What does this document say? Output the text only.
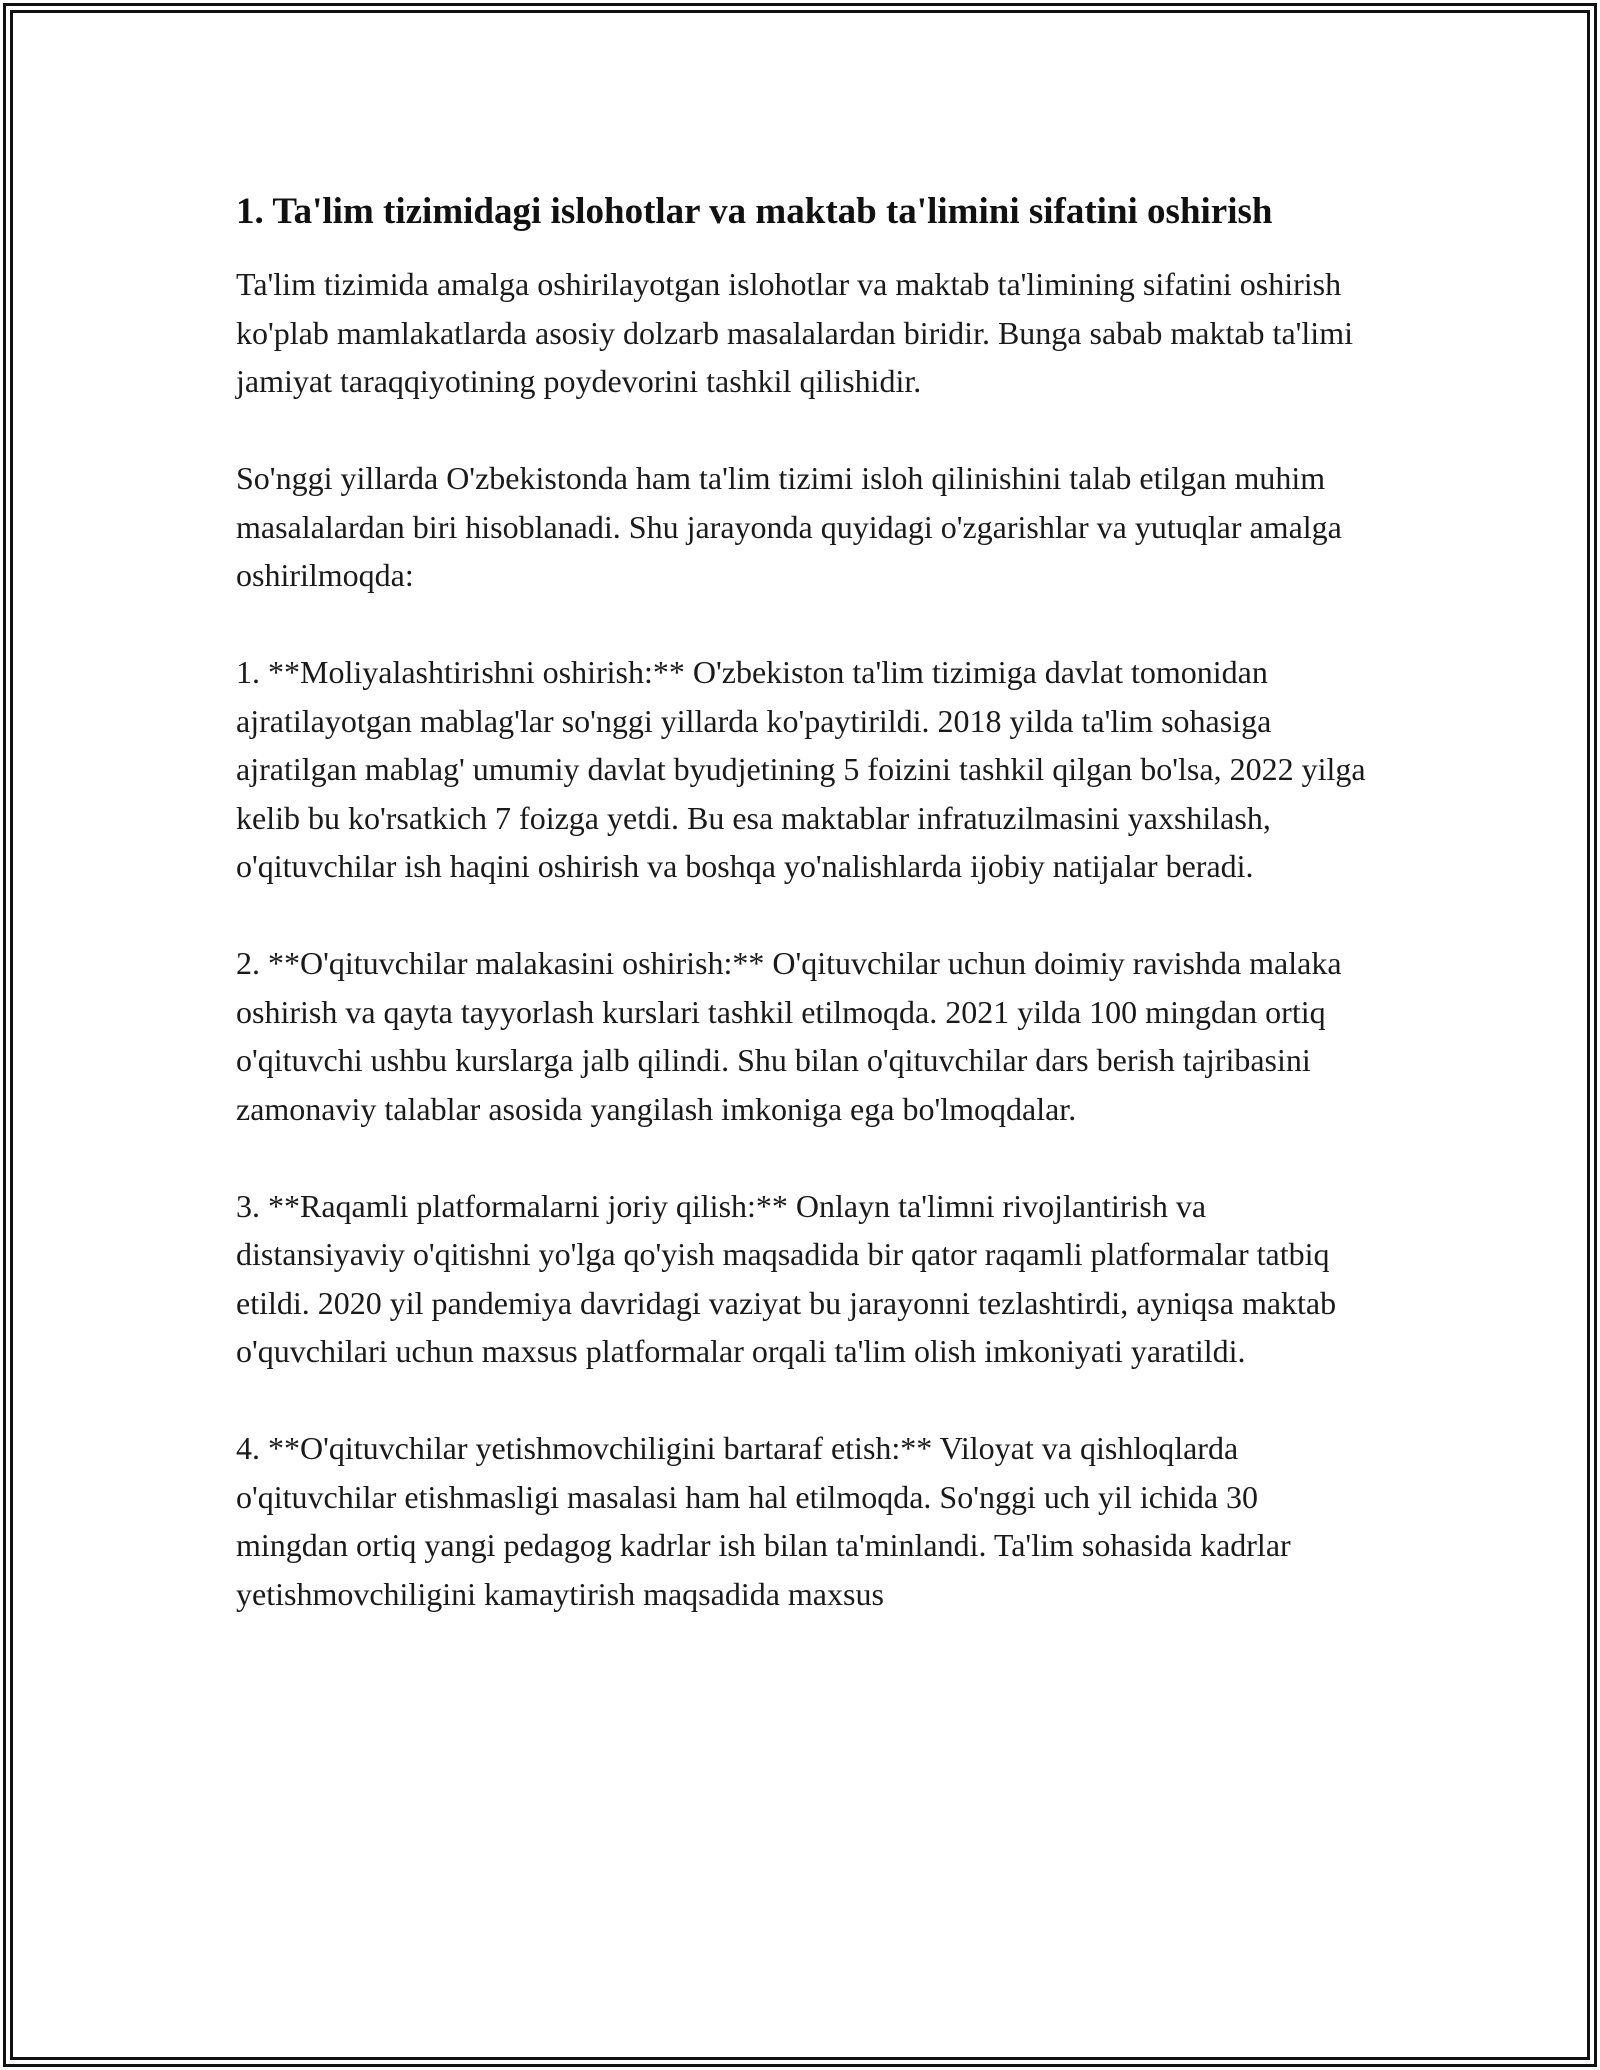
1. Ta'lim tizimidagi islohotlar va maktab ta'limini sifatini oshirish

Ta'lim tizimida amalga oshirilayotgan islohotlar va maktab ta'limining sifatini oshirish ko'plab mamlakatlarda asosiy dolzarb masalalardan biridir. Bunga sabab maktab ta'limi jamiyat taraqqiyotining poydevorini tashkil qilishidir.

So'nggi yillarda O'zbekistonda ham ta'lim tizimi isloh qilinishini talab etilgan muhim masalalardan biri hisoblanadi. Shu jarayonda quyidagi o'zgarishlar va yutuqlar amalga oshirilmoqda:

1. **Moliyalashtirishni oshirish:** O'zbekiston ta'lim tizimiga davlat tomonidan ajratilayotgan mablag'lar so'nggi yillarda ko'paytirildi. 2018 yilda ta'lim sohasiga ajratilgan mablag' umumiy davlat byudjetining 5 foizini tashkil qilgan bo'lsa, 2022 yilga kelib bu ko'rsatkich 7 foizga yetdi. Bu esa maktablar infratuzilmasini yaxshilash, o'qituvchilar ish haqini oshirish va boshqa yo'nalishlarda ijobiy natijalar beradi.

2. **O'qituvchilar malakasini oshirish:** O'qituvchilar uchun doimiy ravishda malaka oshirish va qayta tayyorlash kurslari tashkil etilmoqda. 2021 yilda 100 mingdan ortiq o'qituvchi ushbu kurslarga jalb qilindi. Shu bilan o'qituvchilar dars berish tajribasini zamonaviy talablar asosida yangilash imkoniga ega bo'lmoqdalar.

3. **Raqamli platformalarni joriy qilish:** Onlayn ta'limni rivojlantirish va distansiyaviy o'qitishni yo'lga qo'yish maqsadida bir qator raqamli platformalar tatbiq etildi. 2020 yil pandemiya davridagi vaziyat bu jarayonni tezlashtirdi, ayniqsa maktab o'quvchilari uchun maxsus platformalar orqali ta'lim olish imkoniyati yaratildi.

4. **O'qituvchilar yetishmovchiligini bartaraf etish:** Viloyat va qishloqlarda o'qituvchilar etishmasligi masalasi ham hal etilmoqda. So'nggi uch yil ichida 30 mingdan ortiq yangi pedagog kadrlar ish bilan ta'minlandi. Ta'lim sohasida kadrlar yetishmovchiligini kamaytirish maqsadida maxsus
